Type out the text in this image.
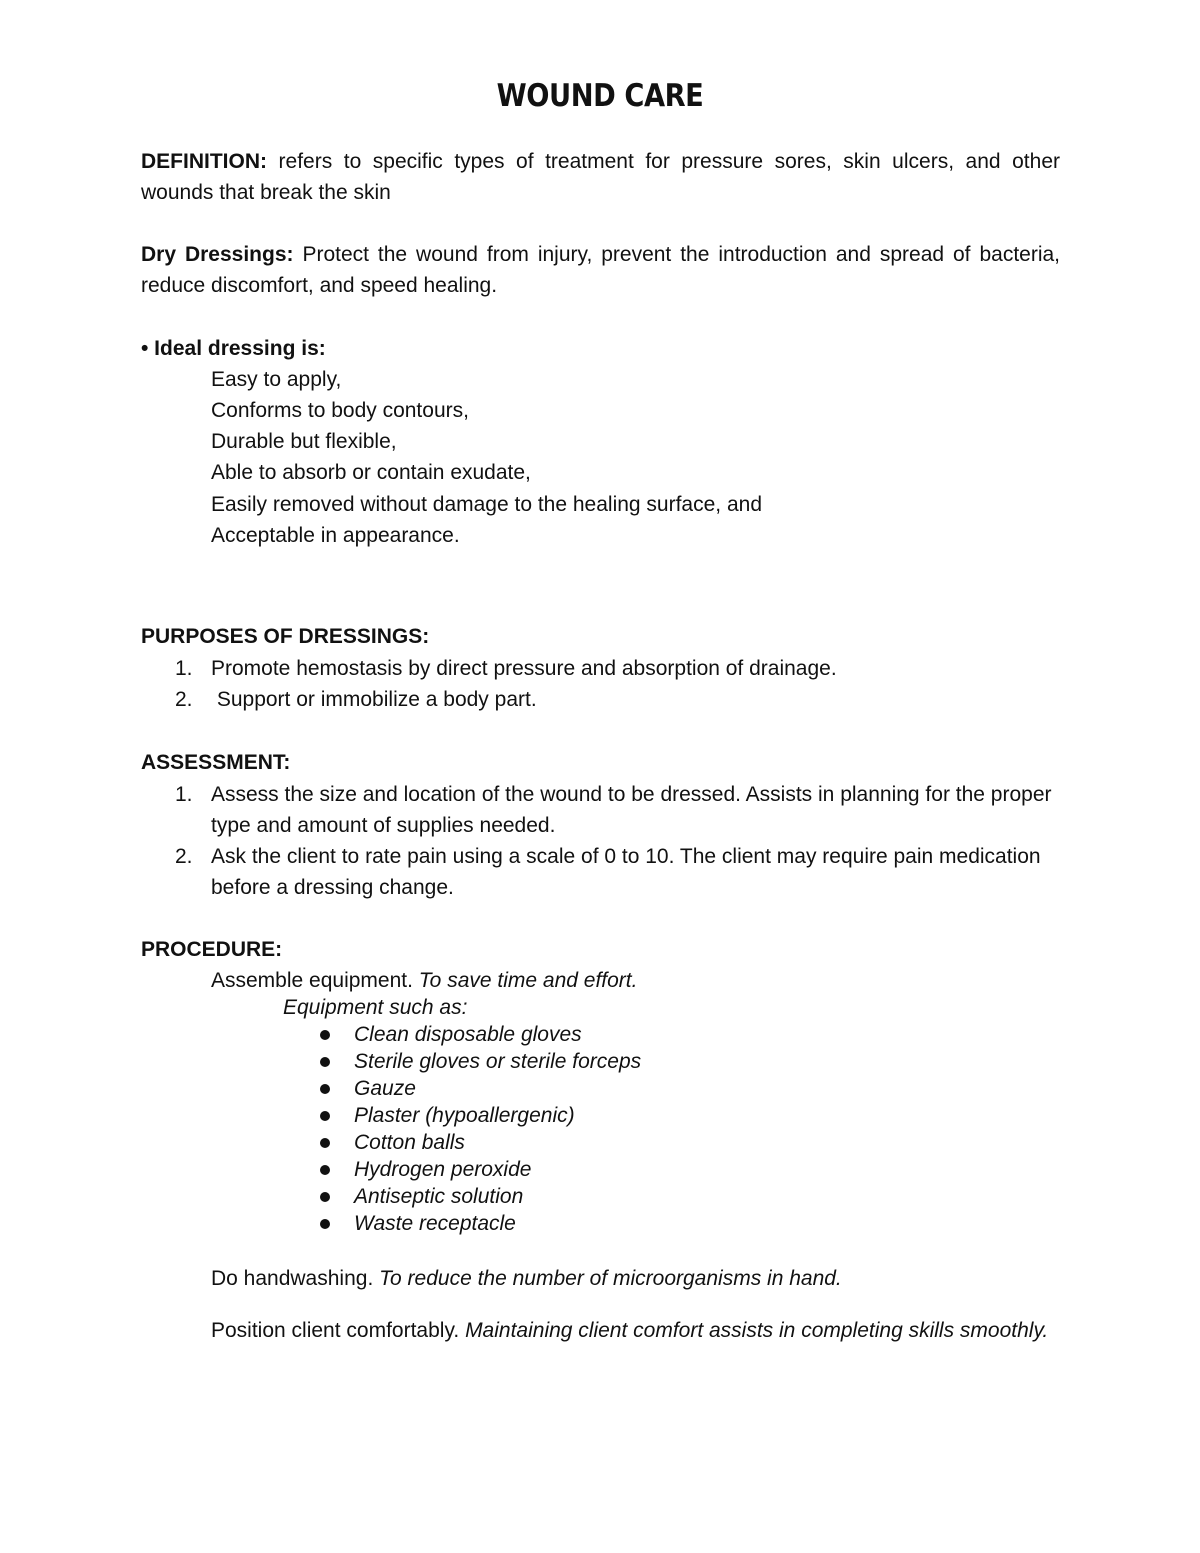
WOUND CARE
DEFINITION: refers to specific types of treatment for pressure sores, skin ulcers, and other wounds that break the skin
Dry Dressings: Protect the wound from injury, prevent the introduction and spread of bacteria, reduce discomfort, and speed healing.
• Ideal dressing is:
Easy to apply,
Conforms to body contours,
Durable but flexible,
Able to absorb or contain exudate,
Easily removed without damage to the healing surface, and
Acceptable in appearance.
PURPOSES OF DRESSINGS:
1. Promote hemostasis by direct pressure and absorption of drainage.
2. Support or immobilize a body part.
ASSESSMENT:
1. Assess the size and location of the wound to be dressed. Assists in planning for the proper type and amount of supplies needed.
2. Ask the client to rate pain using a scale of 0 to 10. The client may require pain medication before a dressing change.
PROCEDURE:
Assemble equipment. To save time and effort.
Equipment such as:
Clean disposable gloves
Sterile gloves or sterile forceps
Gauze
Plaster (hypoallergenic)
Cotton balls
Hydrogen peroxide
Antiseptic solution
Waste receptacle
Do handwashing. To reduce the number of microorganisms in hand.
Position client comfortably. Maintaining client comfort assists in completing skills smoothly.
